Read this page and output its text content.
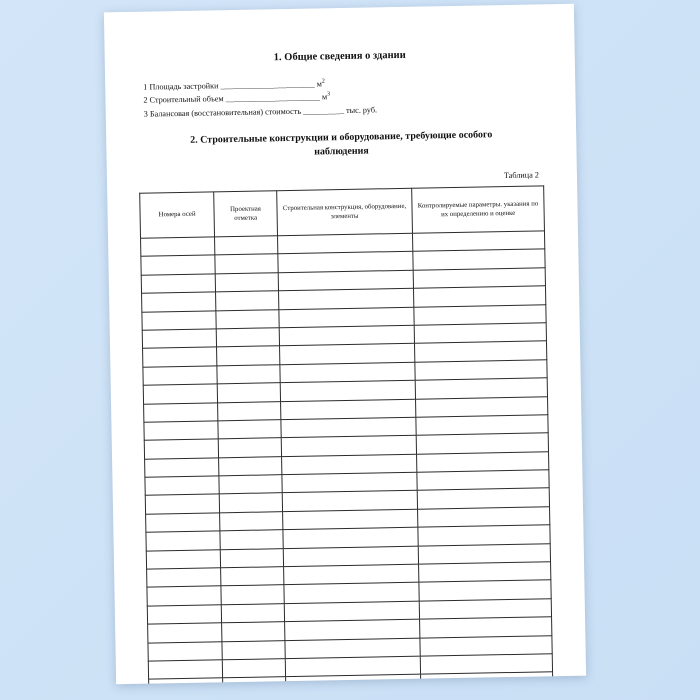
1. Общие сведения о здании
1 Площадь застройки _______________________ $м^2$
2 Строительный объем _______________________ $м^3$
3 Балансовая (восстановительная) стоимость __________ тыс. руб.
2. Строительные конструкции и оборудование, требующие особого
наблюдения
Таблица 2
Номера осей	Проектная отметка	Строительная конструкция, оборудование, элементы	Контролируемые параметры. указания по их определению и оценке
